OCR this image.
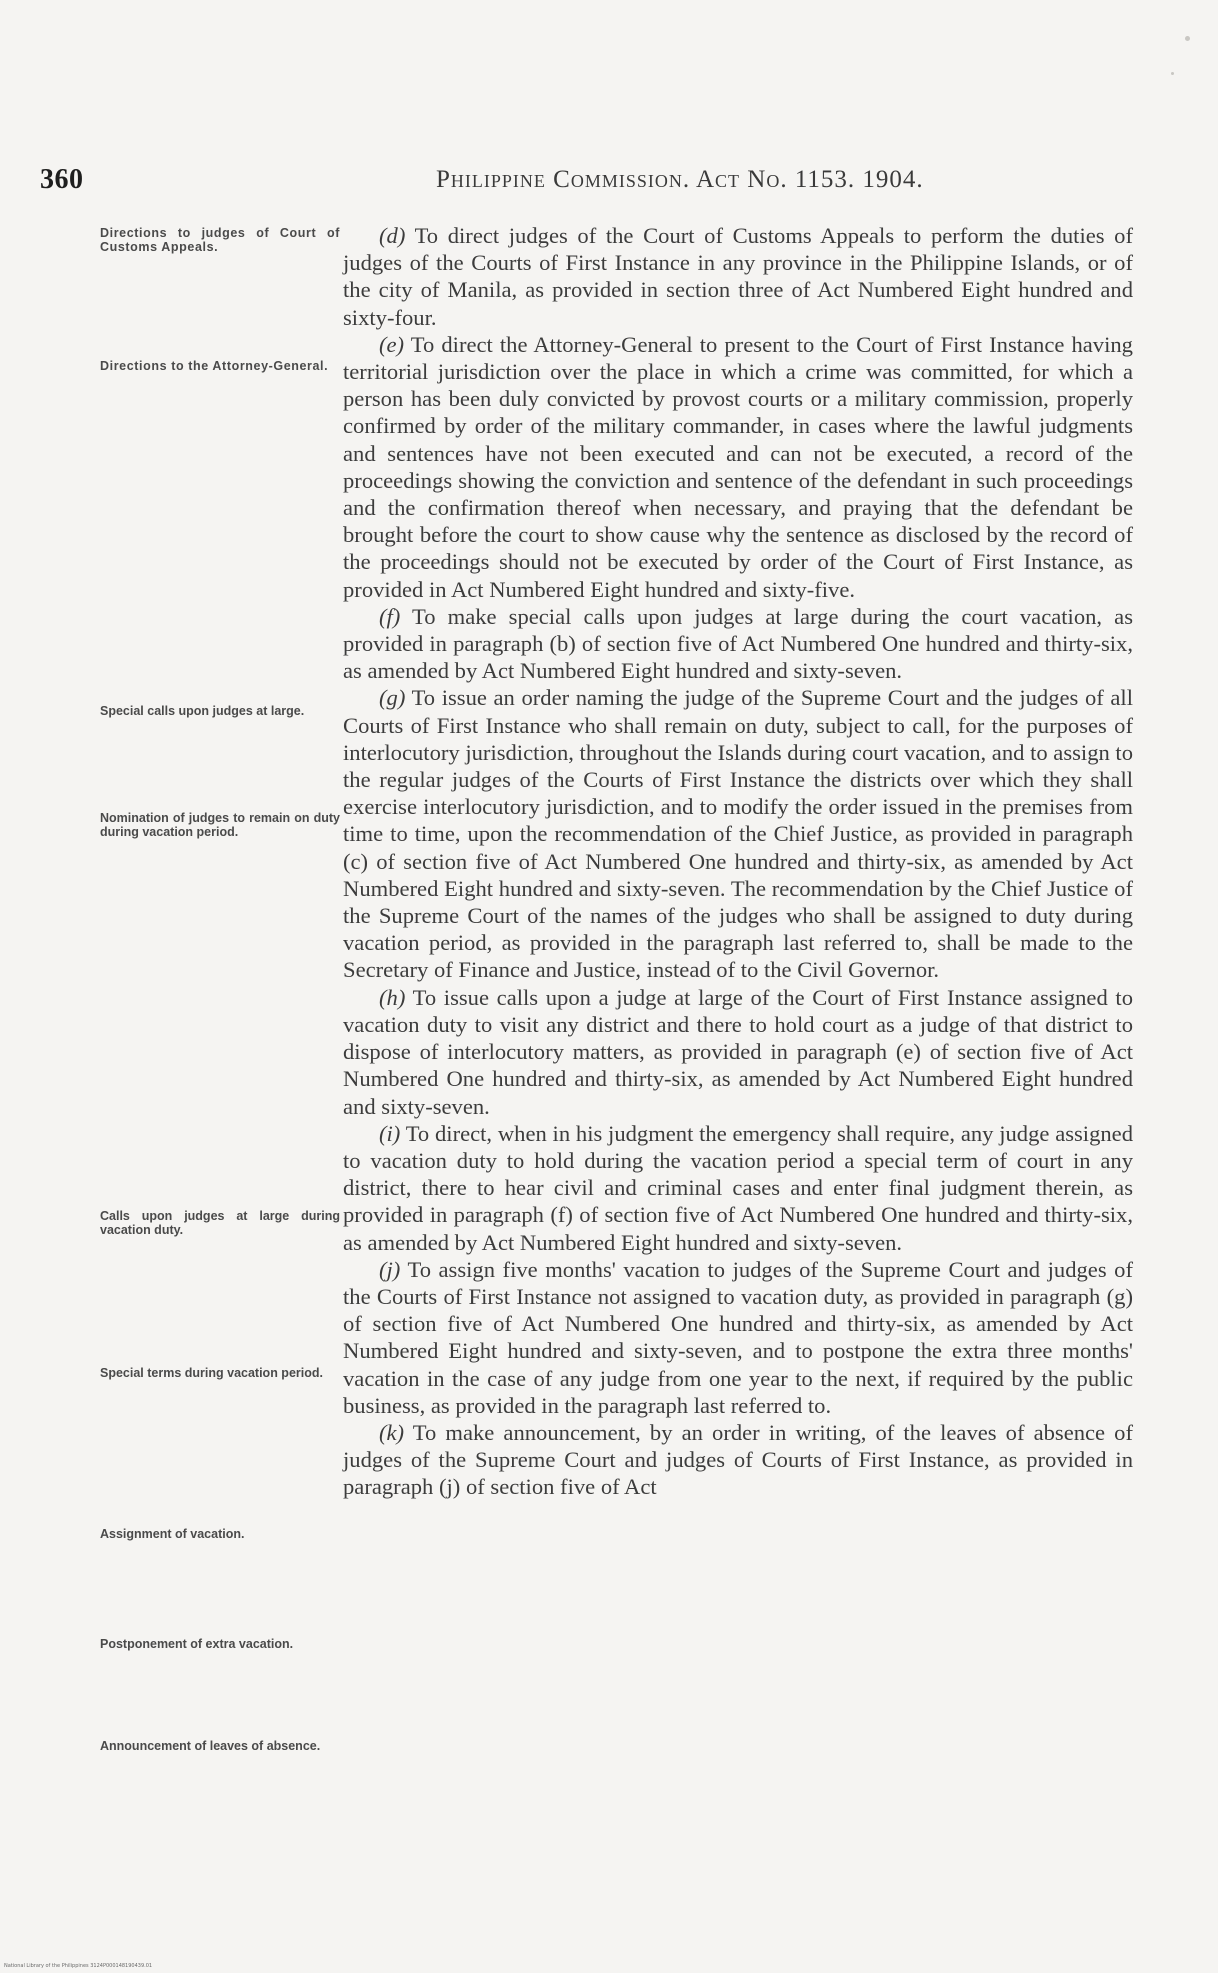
360	Philippine Commission. Act No. 1153. 1904.
Directions to judges of Court of Customs Appeals.
Directions to the Attorney-General.
Special calls upon judges at large.
Nomination of judges to remain on duty during vacation period.
Calls upon judges at large during vacation duty.
Special terms during vacation period.
Assignment of vacation.
Postponement of extra vacation.
Announcement of leaves of absence.

(d) To direct judges of the Court of Customs Appeals to perform the duties of judges of the Courts of First Instance in any province in the Philippine Islands, or of the city of Manila, as provided in section three of Act Numbered Eight hundred and sixty-four.

(e) To direct the Attorney-General to present to the Court of First Instance having territorial jurisdiction over the place in which a crime was committed, for which a person has been duly convicted by provost courts or a military commission, properly confirmed by order of the military commander, in cases where the lawful judgments and sentences have not been executed and can not be executed, a record of the proceedings showing the conviction and sentence of the defendant in such proceedings and the confirmation thereof when necessary, and praying that the defendant be brought before the court to show cause why the sentence as disclosed by the record of the proceedings should not be executed by order of the Court of First Instance, as provided in Act Numbered Eight hundred and sixty-five.

(f) To make special calls upon judges at large during the court vacation, as provided in paragraph (b) of section five of Act Numbered One hundred and thirty-six, as amended by Act Numbered Eight hundred and sixty-seven.

(g) To issue an order naming the judge of the Supreme Court and the judges of all Courts of First Instance who shall remain on duty, subject to call, for the purposes of interlocutory jurisdiction, throughout the Islands during court vacation, and to assign to the regular judges of the Courts of First Instance the districts over which they shall exercise interlocutory jurisdiction, and to modify the order issued in the premises from time to time, upon the recommendation of the Chief Justice, as provided in paragraph (c) of section five of Act Numbered One hundred and thirty-six, as amended by Act Numbered Eight hundred and sixty-seven. The recommendation by the Chief Justice of the Supreme Court of the names of the judges who shall be assigned to duty during vacation period, as provided in the paragraph last referred to, shall be made to the Secretary of Finance and Justice, instead of to the Civil Governor.

(h) To issue calls upon a judge at large of the Court of First Instance assigned to vacation duty to visit any district and there to hold court as a judge of that district to dispose of interlocutory matters, as provided in paragraph (e) of section five of Act Numbered One hundred and thirty-six, as amended by Act Numbered Eight hundred and sixty-seven.

(i) To direct, when in his judgment the emergency shall require, any judge assigned to vacation duty to hold during the vacation period a special term of court in any district, there to hear civil and criminal cases and enter final judgment therein, as provided in paragraph (f) of section five of Act Numbered One hundred and thirty-six, as amended by Act Numbered Eight hundred and sixty-seven.

(j) To assign five months' vacation to judges of the Supreme Court and judges of the Courts of First Instance not assigned to vacation duty, as provided in paragraph (g) of section five of Act Numbered One hundred and thirty-six, as amended by Act Numbered Eight hundred and sixty-seven, and to postpone the extra three months' vacation in the case of any judge from one year to the next, if required by the public business, as provided in the paragraph last referred to.

(k) To make announcement, by an order in writing, of the leaves of absence of judges of the Supreme Court and judges of Courts of First Instance, as provided in paragraph (j) of section five of Act

National Library of the Philippines 3124P000148190439.01
